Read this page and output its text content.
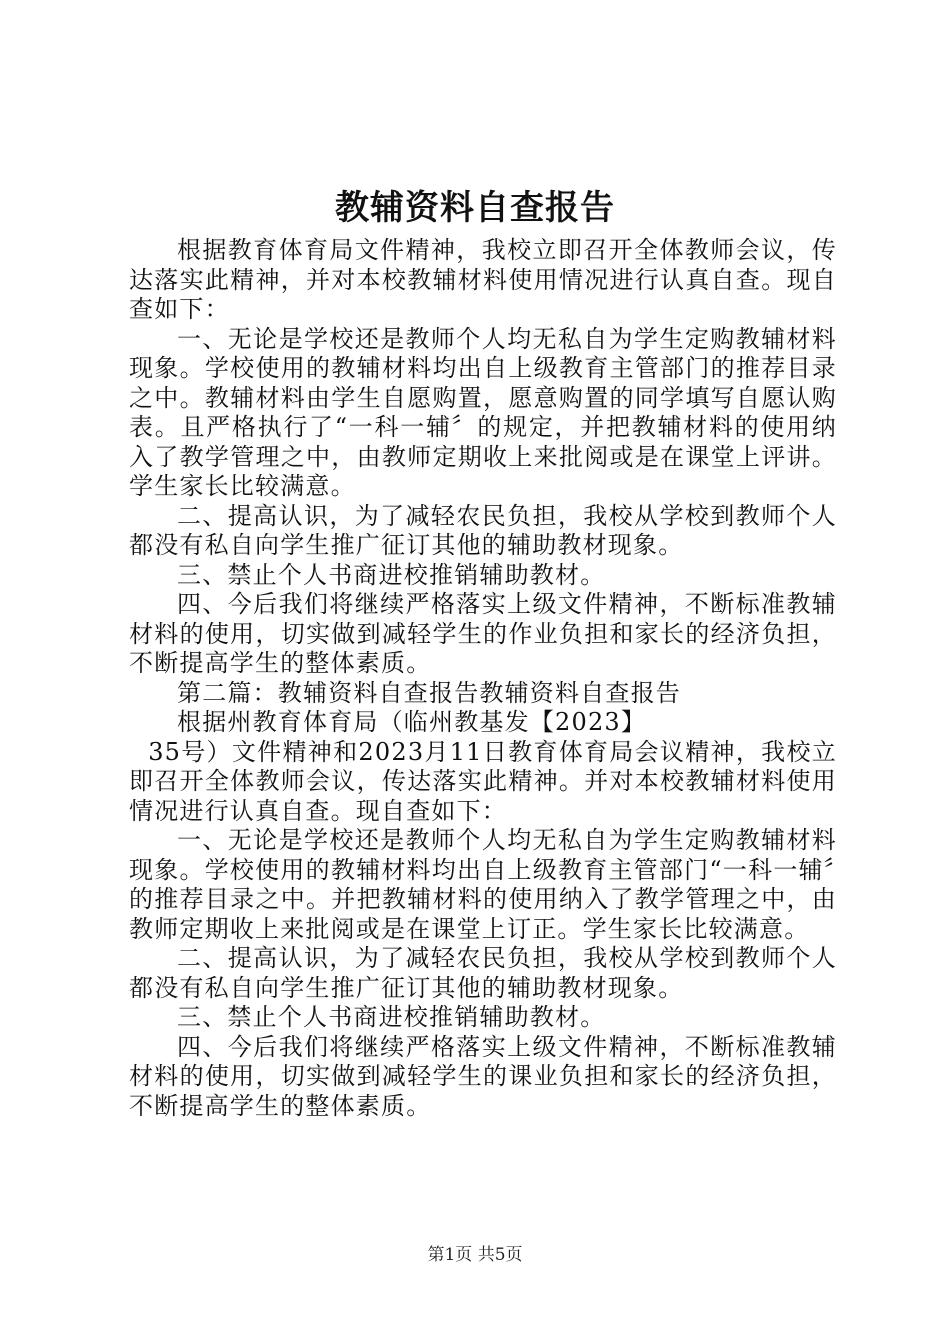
教辅资料自查报告

根据教育体育局文件精神，我校立即召开全体教师会议，传达落实此精神，并对本校教辅材料使用情况进行认真自查。现自查如下：

一、无论是学校还是教师个人均无私自为学生定购教辅材料现象。学校使用的教辅材料均出自上级教育主管部门的推荐目录之中。教辅材料由学生自愿购置，愿意购置的同学填写自愿认购表。且严格执行了“一科一辅〞的规定，并把教辅材料的使用纳入了教学管理之中，由教师定期收上来批阅或是在课堂上评讲。学生家长比较满意。

二、提高认识，为了减轻农民负担，我校从学校到教师个人都没有私自向学生推广征订其他的辅助教材现象。

三、禁止个人书商进校推销辅助教材。

四、今后我们将继续严格落实上级文件精神，不断标准教辅材料的使用，切实做到减轻学生的作业负担和家长的经济负担，不断提高学生的整体素质。

第二篇：教辅资料自查报告教辅资料自查报告

根据州教育体育局（临州教基发【2023】

35号）文件精神和2023月11日教育体育局会议精神，我校立即召开全体教师会议，传达落实此精神。并对本校教辅材料使用情况进行认真自查。现自查如下：

一、无论是学校还是教师个人均无私自为学生定购教辅材料现象。学校使用的教辅材料均出自上级教育主管部门“一科一辅〞的推荐目录之中。并把教辅材料的使用纳入了教学管理之中，由教师定期收上来批阅或是在课堂上订正。学生家长比较满意。

二、提高认识，为了减轻农民负担，我校从学校到教师个人都没有私自向学生推广征订其他的辅助教材现象。

三、禁止个人书商进校推销辅助教材。

四、今后我们将继续严格落实上级文件精神，不断标准教辅材料的使用，切实做到减轻学生的课业负担和家长的经济负担，不断提高学生的整体素质。

第1页 共5页
